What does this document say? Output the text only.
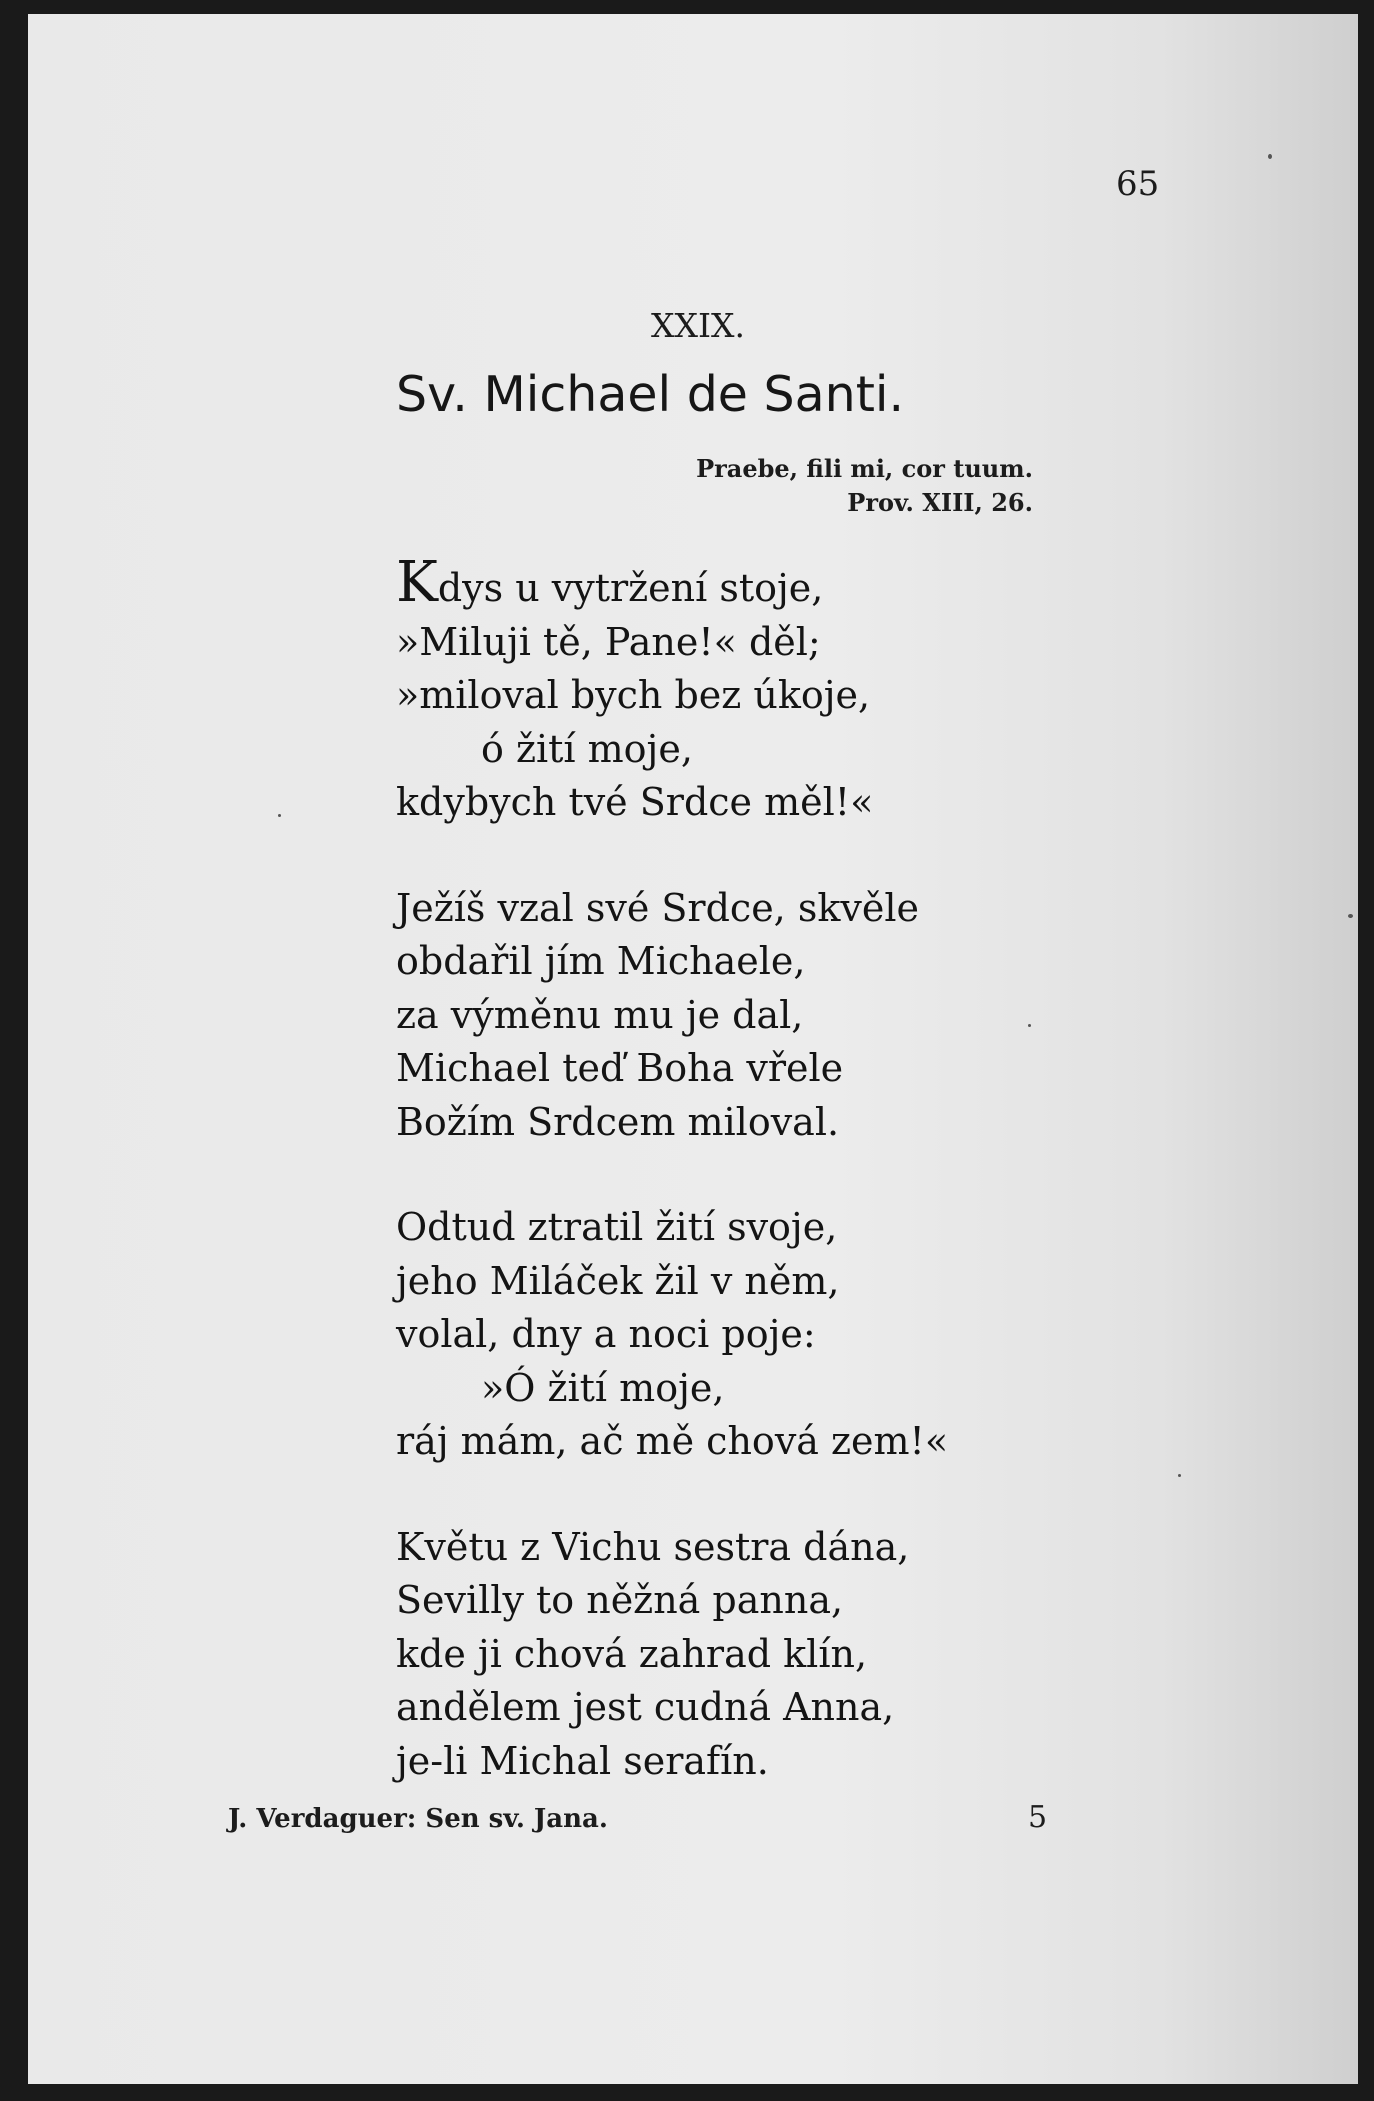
65
XXIX.
Sv. Michael de Santi.
Praebe, fili mi, cor tuum.
Prov. XIII, 26.
Kdys u vytržení stoje,
»Miluji tě, Pane!« děl;
»miloval bych bez úkoje,
ó žití moje,
kdybych tvé Srdce měl!«
Ježíš vzal své Srdce, skvěle
obdařil jím Michaele,
za výměnu mu je dal,
Michael teď Boha vřele
Božím Srdcem miloval.
Odtud ztratil žití svoje,
jeho Miláček žil v něm,
volal, dny a noci poje:
»Ó žití moje,
ráj mám, ač mě chová zem!«
Květu z Vichu sestra dána,
Sevilly to něžná panna,
kde ji chová zahrad klín,
andělem jest cudná Anna,
je-li Michal serafín.
J. Verdaguer: Sen sv. Jana.	5
